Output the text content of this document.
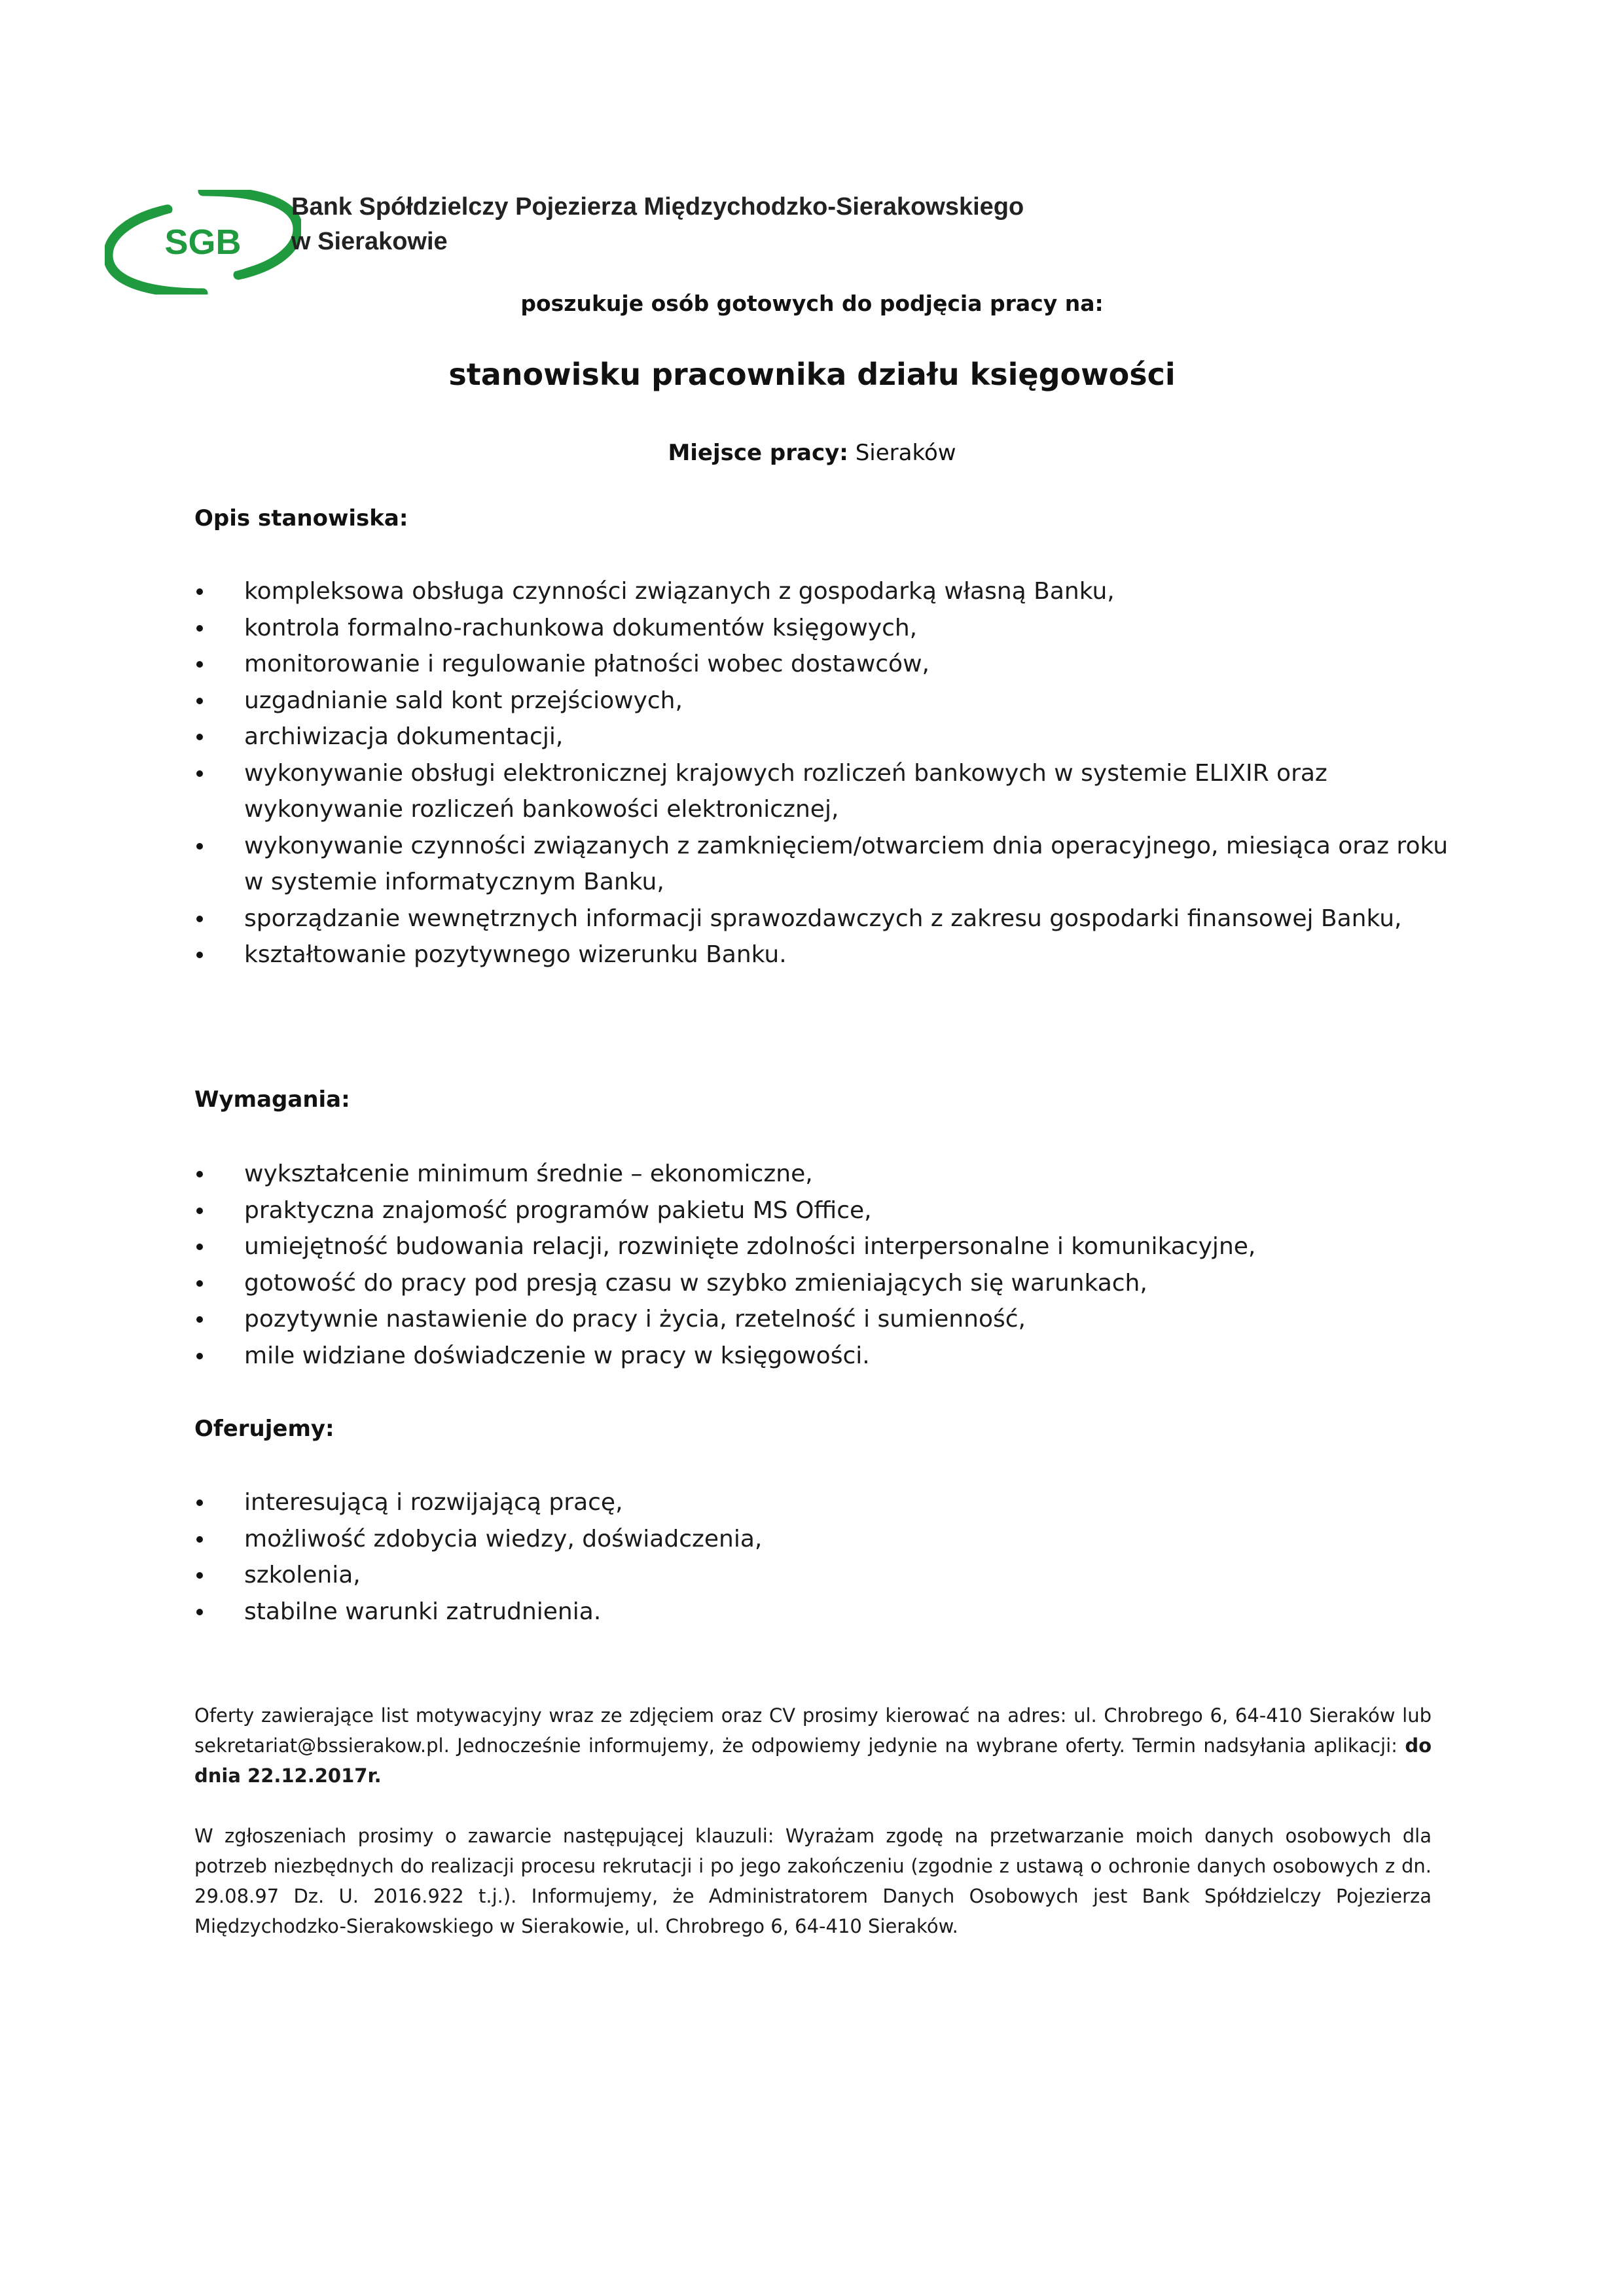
SGB
Bank Spółdzielczy Pojezierza Międzychodzko-Sierakowskiego
w Sierakowie
poszukuje osób gotowych do podjęcia pracy na:
stanowisku pracownika działu księgowości
Miejsce pracy: Sieraków
Opis stanowiska:
kompleksowa obsługa czynności związanych z gospodarką własną Banku,
kontrola formalno-rachunkowa dokumentów księgowych,
monitorowanie i regulowanie płatności wobec dostawców,
uzgadnianie sald kont przejściowych,
archiwizacja dokumentacji,
wykonywanie obsługi elektronicznej krajowych rozliczeń bankowych w systemie ELIXIR oraz wykonywanie rozliczeń bankowości elektronicznej,
wykonywanie czynności związanych z zamknięciem/otwarciem dnia operacyjnego, miesiąca oraz roku w systemie informatycznym Banku,
sporządzanie wewnętrznych informacji sprawozdawczych z zakresu gospodarki finansowej Banku,
kształtowanie pozytywnego wizerunku Banku.
Wymagania:
wykształcenie minimum średnie – ekonomiczne,
praktyczna znajomość programów pakietu MS Office,
umiejętność budowania relacji, rozwinięte zdolności interpersonalne i komunikacyjne,
gotowość do pracy pod presją czasu w szybko zmieniających się warunkach,
pozytywnie nastawienie do pracy i życia, rzetelność i sumienność,
mile widziane doświadczenie w pracy w księgowości.
Oferujemy:
interesującą i rozwijającą pracę,
możliwość zdobycia wiedzy, doświadczenia,
szkolenia,
stabilne warunki zatrudnienia.

Oferty zawierające list motywacyjny wraz ze zdjęciem oraz CV prosimy kierować na adres: ul. Chrobrego 6, 64-410 Sieraków lub sekretariat@bssierakow.pl. Jednocześnie informujemy, że odpowiemy jedynie na wybrane oferty. Termin nadsyłania aplikacji: do dnia 22.12.2017r.

W zgłoszeniach prosimy o zawarcie następującej klauzuli: Wyrażam zgodę na przetwarzanie moich danych osobowych dla potrzeb niezbędnych do realizacji procesu rekrutacji i po jego zakończeniu (zgodnie z ustawą o ochronie danych osobowych z dn. 29.08.97 Dz. U. 2016.922 t.j.). Informujemy, że Administratorem Danych Osobowych jest Bank Spółdzielczy Pojezierza Międzychodzko-Sierakowskiego w Sierakowie, ul. Chrobrego 6, 64-410 Sieraków.
